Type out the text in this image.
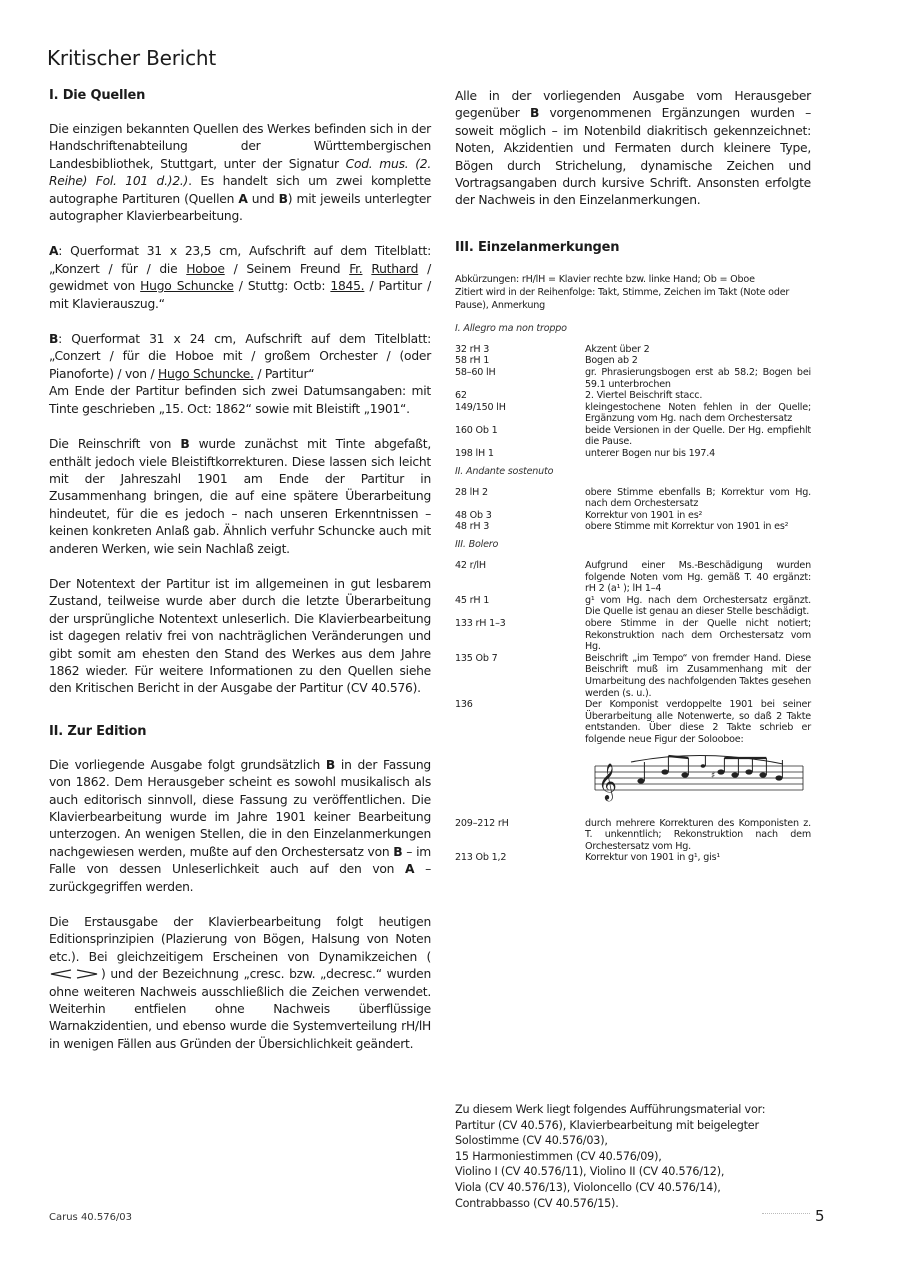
Kritischer Bericht
I. Die Quellen
Die einzigen bekannten Quellen des Werkes befinden sich in der Handschriftenabteilung der Württembergischen Landesbibliothek, Stuttgart, unter der Signatur Cod. mus. (2. Reihe) Fol. 101 d.)2.). Es handelt sich um zwei komplette autographe Partituren (Quellen A und B) mit jeweils unterlegter autographer Klavierbearbeitung.
A: Querformat 31 x 23,5 cm, Aufschrift auf dem Titelblatt: „Konzert / für / die Hoboe / Seinem Freund Fr. Ruthard / gewidmet von Hugo Schuncke / Stuttg: Octb: 1845. / Partitur / mit Klavierauszug.“
B: Querformat 31 x 24 cm, Aufschrift auf dem Titelblatt: „Conzert / für die Hoboe mit / großem Orchester / (oder Pianoforte) / von / Hugo Schuncke. / Partitur“
Am Ende der Partitur befinden sich zwei Datumsangaben: mit Tinte geschrieben „15. Oct: 1862“ sowie mit Bleistift „1901“.
Die Reinschrift von B wurde zunächst mit Tinte abgefaßt, enthält jedoch viele Bleistiftkorrekturen. Diese lassen sich leicht mit der Jahreszahl 1901 am Ende der Partitur in Zusammenhang bringen, die auf eine spätere Überarbeitung hindeutet, für die es jedoch – nach unseren Erkenntnissen – keinen konkreten Anlaß gab. Ähnlich verfuhr Schuncke auch mit anderen Werken, wie sein Nachlaß zeigt.
Der Notentext der Partitur ist im allgemeinen in gut lesbarem Zustand, teilweise wurde aber durch die letzte Überarbeitung der ursprüngliche Notentext unleserlich. Die Klavierbearbeitung ist dagegen relativ frei von nachträglichen Veränderungen und gibt somit am ehesten den Stand des Werkes aus dem Jahre 1862 wieder. Für weitere Informationen zu den Quellen siehe den Kritischen Bericht in der Ausgabe der Partitur (CV 40.576).
II. Zur Edition
Die vorliegende Ausgabe folgt grundsätzlich B in der Fassung von 1862. Dem Herausgeber scheint es sowohl musikalisch als auch editorisch sinnvoll, diese Fassung zu veröffentlichen. Die Klavierbearbeitung wurde im Jahre 1901 keiner Bearbeitung unterzogen. An wenigen Stellen, die in den Einzelanmerkungen nachgewiesen werden, mußte auf den Orchestersatz von B – im Falle von dessen Unleserlichkeit auch auf den von A – zurückgegriffen werden.
Die Erstausgabe der Klavierbearbeitung folgt heutigen Editionsprinzipien (Plazierung von Bögen, Halsung von Noten etc.). Bei gleichzeitigem Erscheinen von Dynamikzeichen () und der Bezeichnung „cresc. bzw. „decresc.“ wurden ohne weiteren Nachweis ausschließlich die Zeichen verwendet. Weiterhin entfielen ohne Nachweis überflüssige Warnakzidentien, und ebenso wurde die Systemverteilung rH/lH in wenigen Fällen aus Gründen der Übersichlichkeit geändert.
Alle in der vorliegenden Ausgabe vom Herausgeber gegenüber B vorgenommenen Ergänzungen wurden – soweit möglich – im Notenbild diakritisch gekennzeichnet: Noten, Akzidentien und Fermaten durch kleinere Type, Bögen durch Strichelung, dynamische Zeichen und Vortragsangaben durch kursive Schrift. Ansonsten erfolgte der Nachweis in den Einzelanmerkungen.
III. Einzelanmerkungen
Abkürzungen: rH/lH = Klavier rechte bzw. linke Hand; Ob = Oboe
Zitiert wird in der Reihenfolge: Takt, Stimme, Zeichen im Takt (Note oder Pause), Anmerkung
I. Allegro ma non troppo
32 rH 3	Akzent über 2
58 rH 1	Bogen ab 2
58–60 lH	gr. Phrasierungsbogen erst ab 58.2; Bogen bei 59.1 unterbrochen
62	2. Viertel Beischrift stacc.
149/150 lH	kleingestochene Noten fehlen in der Quelle; Ergänzung vom Hg. nach dem Orchestersatz
160 Ob 1	beide Versionen in der Quelle. Der Hg. empfiehlt die Pause.
198 lH 1	unterer Bogen nur bis 197.4
II. Andante sostenuto
28 lH 2	obere Stimme ebenfalls B; Korrektur vom Hg. nach dem Orchestersatz
48 Ob 3	Korrektur von 1901 in es²
48 rH 3	obere Stimme mit Korrektur von 1901 in es²
III. Bolero
42 r/lH	Aufgrund einer Ms.-Beschädigung wurden folgende Noten vom Hg. gemäß T. 40 ergänzt: rH 2 (a¹ ); lH 1–4
45 rH 1	g¹ vom Hg. nach dem Orchestersatz ergänzt. Die Quelle ist genau an dieser Stelle beschädigt.
133 rH 1–3	obere Stimme in der Quelle nicht notiert; Rekonstruktion nach dem Orchestersatz vom Hg.
135 Ob 7	Beischrift „im Tempo“ von fremder Hand. Diese Beischrift muß im Zusammenhang mit der Umarbeitung des nachfolgenden Taktes gesehen werden (s. u.).
136	Der Komponist verdoppelte 1901 bei seiner Überarbeitung alle Notenwerte, so daß 2 Takte entstanden. Über diese 2 Takte schrieb er folgende neue Figur der Solooboe:
𝄞	♯
209–212 rH	durch mehrere Korrekturen des Komponisten z. T. unkenntlich; Rekonstruktion nach dem Orchestersatz vom Hg.
213 Ob 1,2	Korrektur von 1901 in g¹, gis¹
Zu diesem Werk liegt folgendes Aufführungsmaterial vor:
Partitur (CV 40.576), Klavierbearbeitung mit beigelegter
Solostimme (CV 40.576/03),
15 Harmoniestimmen (CV 40.576/09),
Violino I (CV 40.576/11), Violino II (CV 40.576/12),
Viola (CV 40.576/13), Violoncello (CV 40.576/14),
Contrabbasso (CV 40.576/15).
Carus 40.576/03	5
